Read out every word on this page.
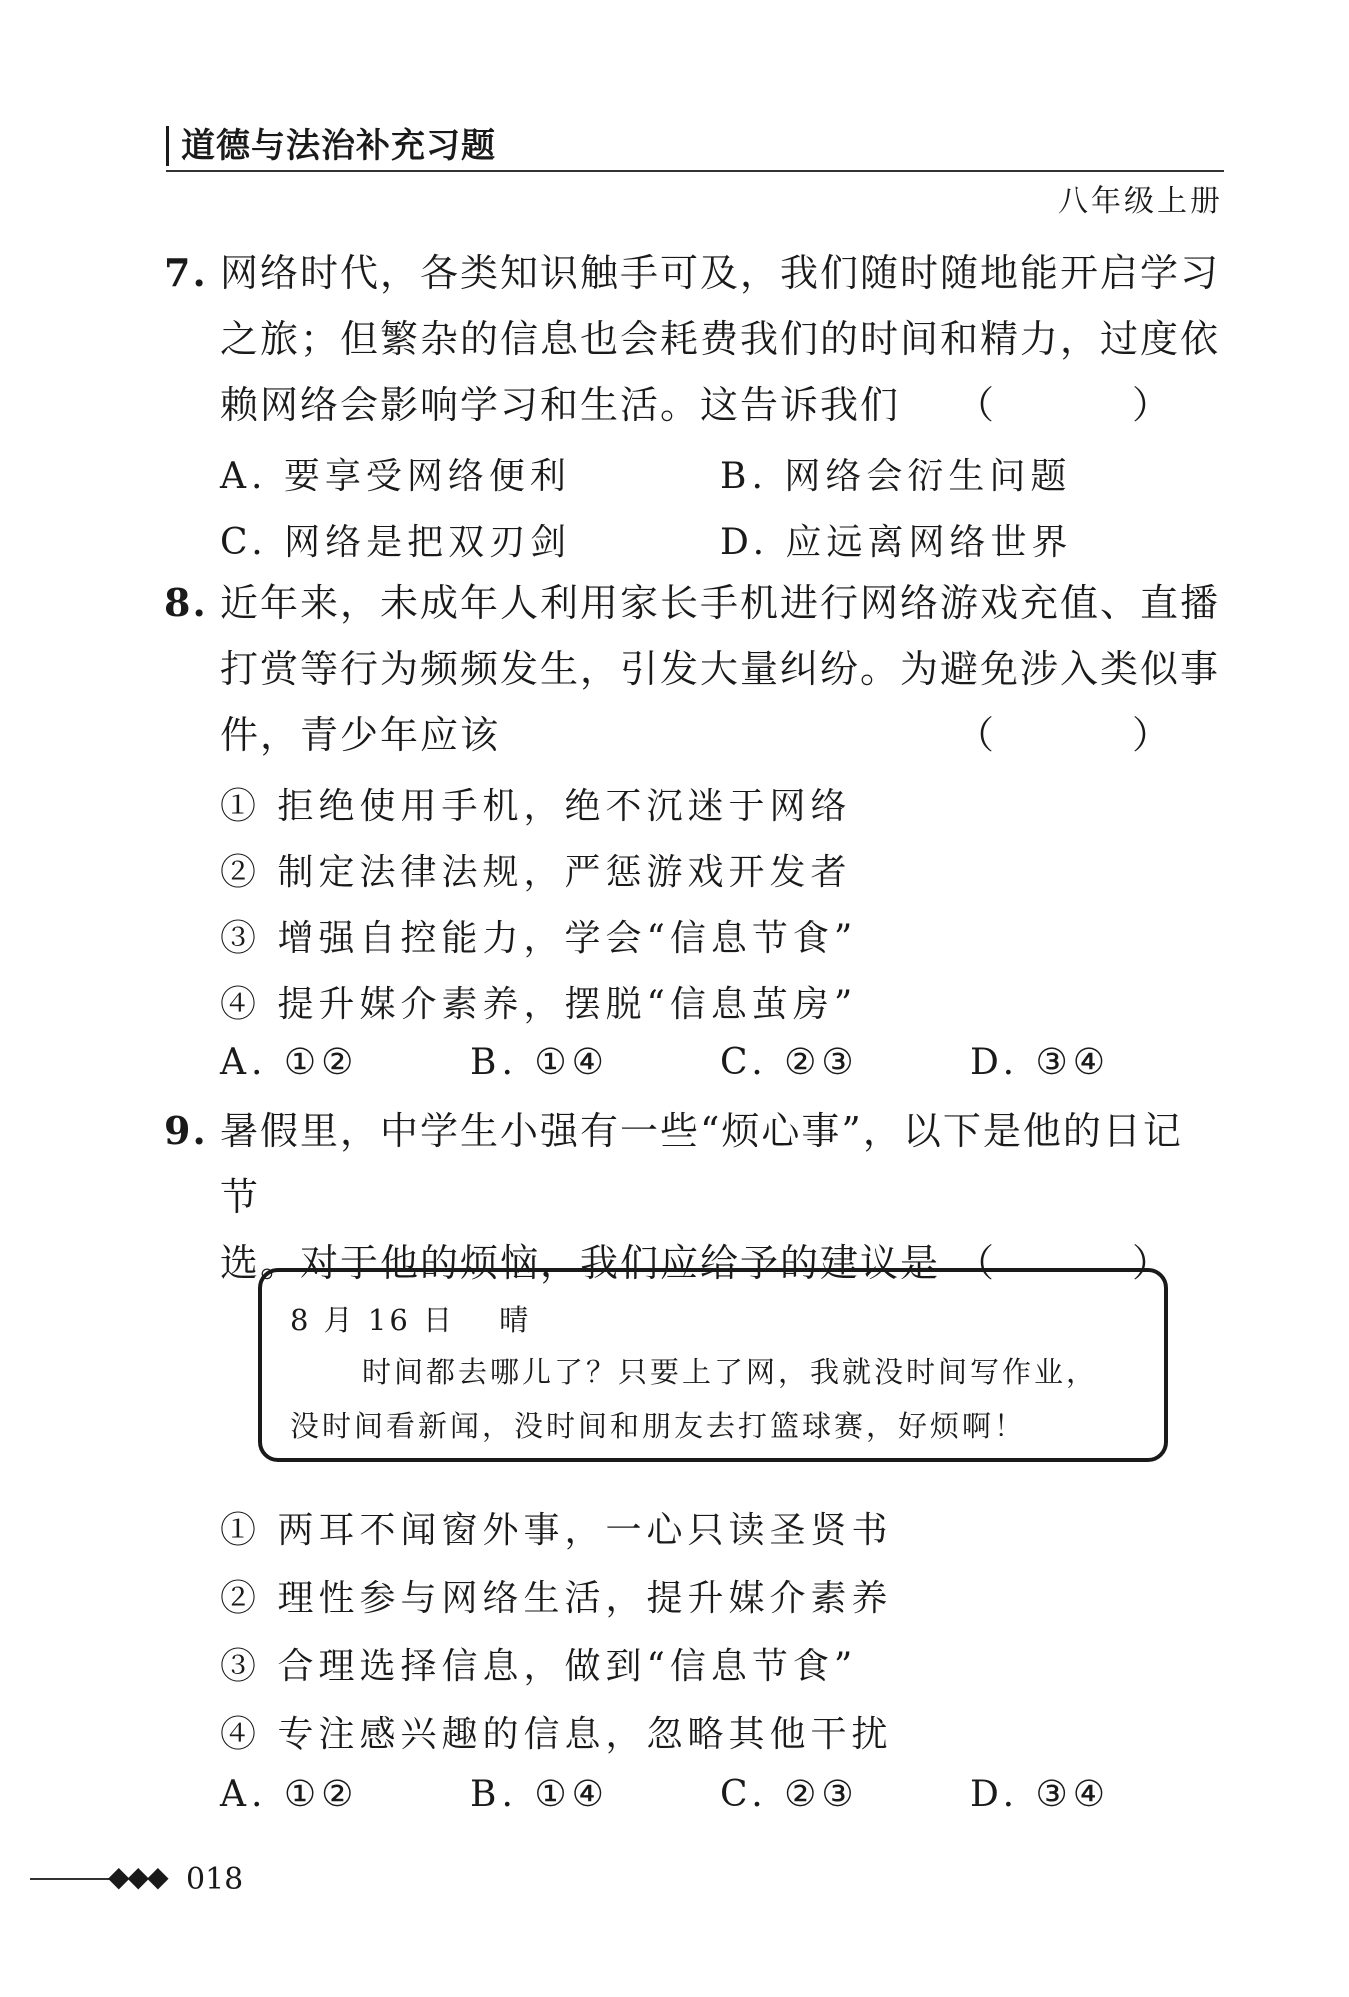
道德与法治补充习题
八年级上册
7. 网络时代，各类知识触手可及，我们随时随地能开启学习
之旅；但繁杂的信息也会耗费我们的时间和精力，过度依
赖网络会影响学习和生活。这告诉我们 （　）
A. 要享受网络便利	B. 网络会衍生问题
C. 网络是把双刃剑	D. 应远离网络世界
8. 近年来，未成年人利用家长手机进行网络游戏充值、直播
打赏等行为频频发生，引发大量纠纷。为避免涉入类似事
件，青少年应该	（　）
① 拒绝使用手机，绝不沉迷于网络
② 制定法律法规，严惩游戏开发者
③ 增强自控能力，学会“信息节食”
④ 提升媒介素养，摆脱“信息茧房”
A. ①②	B. ①④	C. ②③	D. ③④
9. 暑假里，中学生小强有一些“烦心事”，以下是他的日记节
选。对于他的烦恼，我们应给予的建议是 （　）
8 月 16 日　 晴
时间都去哪儿了？只要上了网，我就没时间写作业，
没时间看新闻，没时间和朋友去打篮球赛，好烦啊！
① 两耳不闻窗外事，一心只读圣贤书
② 理性参与网络生活，提升媒介素养
③ 合理选择信息，做到“信息节食”
④ 专注感兴趣的信息，忽略其他干扰
A. ①②	B. ①④	C. ②③	D. ③④
◆◆◆ 018
